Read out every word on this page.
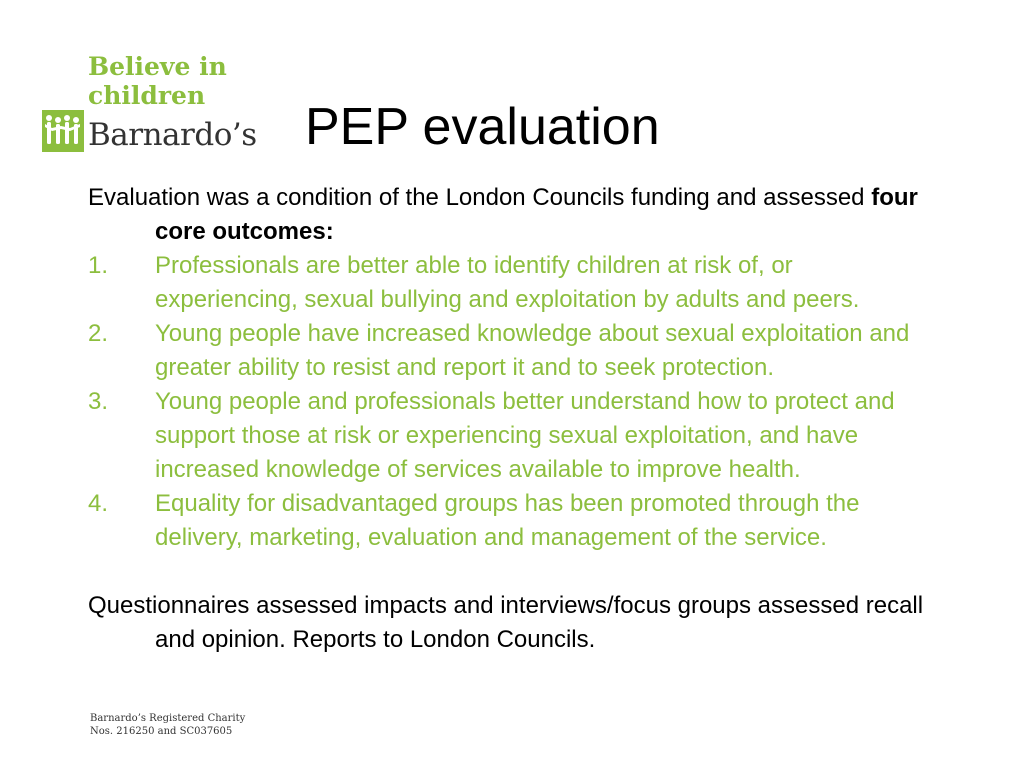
Believe in
children
Barnardo’s PEP evaluation

Evaluation was a condition of the London Councils funding and assessed four core outcomes:

1.	Professionals are better able to identify children at risk of, or experiencing, sexual bullying and exploitation by adults and peers.
2.	Young people have increased knowledge about sexual exploitation and greater ability to resist and report it and to seek protection.
3.	Young people and professionals better understand how to protect and support those at risk or experiencing sexual exploitation, and have increased knowledge of services available to improve health.
4.	Equality for disadvantaged groups has been promoted through the delivery, marketing, evaluation and management of the service.

Questionnaires assessed impacts and interviews/focus groups assessed recall and opinion. Reports to London Councils.

Barnardo’s Registered Charity
Nos. 216250 and SC037605
